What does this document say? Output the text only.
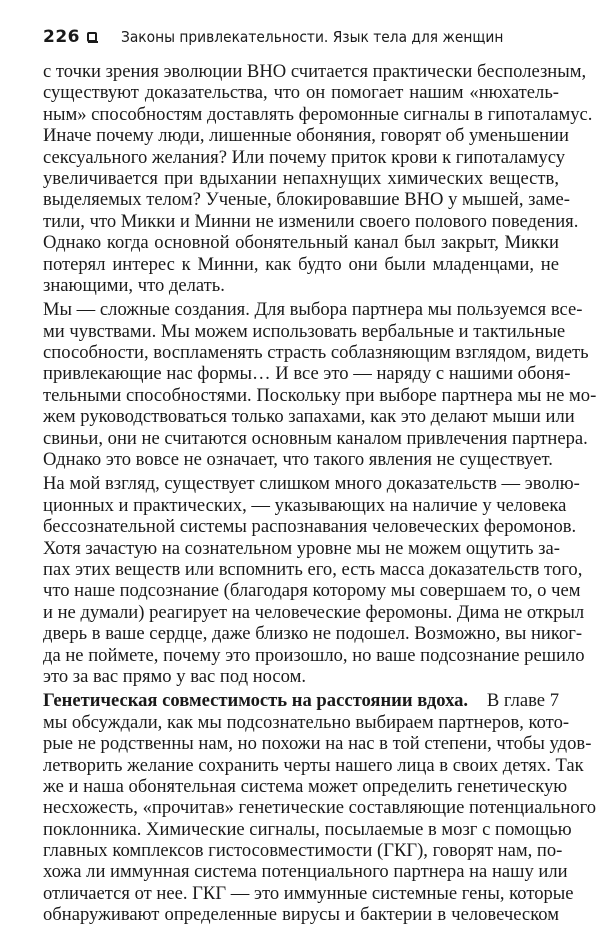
226	Законы привлекательности. Язык тела для женщин
с точки зрения эволюции ВНО считается практически бесполезным,
существуют доказательства, что он помогает нашим «нюхатель-
ным» способностям доставлять феромонные сигналы в гипоталамус.
Иначе почему люди, лишенные обоняния, говорят об уменьшении
сексуального желания? Или почему приток крови к гипоталамусу
увеличивается при вдыхании непахнущих химических веществ,
выделяемых телом? Ученые, блокировавшие ВНО у мышей, заме-
тили, что Микки и Минни не изменили своего полового поведения.
Однако когда основной обонятельный канал был закрыт, Микки
потерял интерес к Минни, как будто они были младенцами, не
знающими, что делать.
Мы — сложные создания. Для выбора партнера мы пользуемся все-
ми чувствами. Мы можем использовать вербальные и тактильные
способности, воспламенять страсть соблазняющим взглядом, видеть
привлекающие нас формы… И все это — наряду с нашими обоня-
тельными способностями. Поскольку при выборе партнера мы не мо-
жем руководствоваться только запахами, как это делают мыши или
свиньи, они не считаются основным каналом привлечения партнера.
Однако это вовсе не означает, что такого явления не существует.
На мой взгляд, существует слишком много доказательств — эволю-
ционных и практических, — указывающих на наличие у человека
бессознательной системы распознавания человеческих феромонов.
Хотя зачастую на сознательном уровне мы не можем ощутить за-
пах этих веществ или вспомнить его, есть масса доказательств того,
что наше подсознание (благодаря которому мы совершаем то, о чем
и не думали) реагирует на человеческие феромоны. Дима не открыл
дверь в ваше сердце, даже близко не подошел. Возможно, вы никог-
да не поймете, почему это произошло, но ваше подсознание решило
это за вас прямо у вас под носом.
Генетическая совместимость на расстоянии вдоха. В главе 7
мы обсуждали, как мы подсознательно выбираем партнеров, кото-
рые не родственны нам, но похожи на нас в той степени, чтобы удов-
летворить желание сохранить черты нашего лица в своих детях. Так
же и наша обонятельная система может определить генетическую
несхожесть, «прочитав» генетические составляющие потенциального
поклонника. Химические сигналы, посылаемые в мозг с помощью
главных комплексов гистосовместимости (ГКГ), говорят нам, по-
хожа ли иммунная система потенциального партнера на нашу или
отличается от нее. ГКГ — это иммунные системные гены, которые
обнаруживают определенные вирусы и бактерии в человеческом
